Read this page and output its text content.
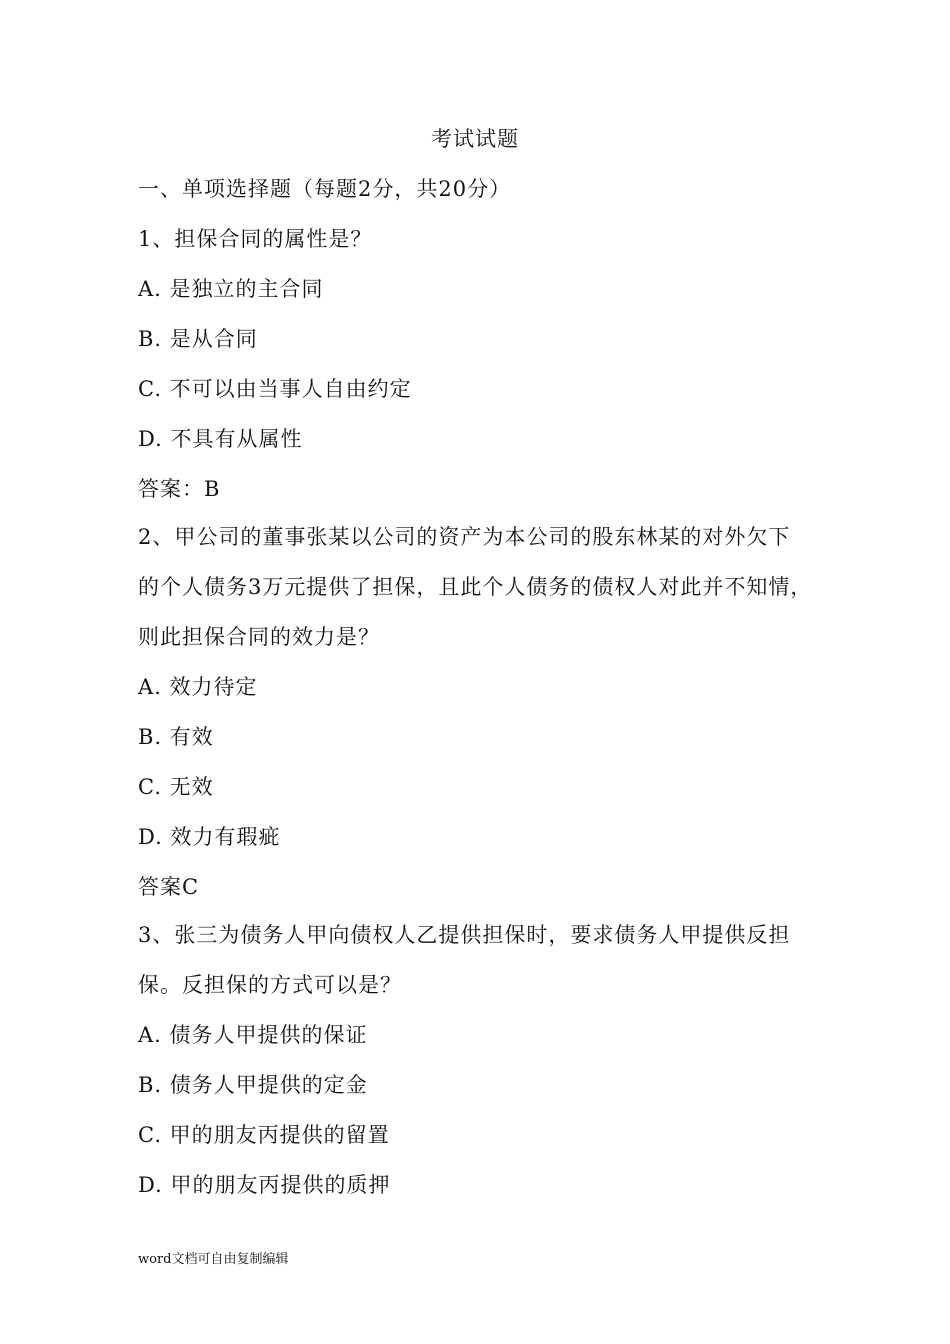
考试试题
一、单项选择题（每题2分，共20分）
1、担保合同的属性是？
A. 是独立的主合同
B. 是从合同
C. 不可以由当事人自由约定
D. 不具有从属性
答案：B
2、甲公司的董事张某以公司的资产为本公司的股东林某的对外欠下
的个人债务3万元提供了担保，且此个人债务的债权人对此并不知情，
则此担保合同的效力是？
A. 效力待定
B. 有效
C. 无效
D. 效力有瑕疵
答案C
3、张三为债务人甲向债权人乙提供担保时，要求债务人甲提供反担
保。反担保的方式可以是？
A. 债务人甲提供的保证
B. 债务人甲提供的定金
C. 甲的朋友丙提供的留置
D. 甲的朋友丙提供的质押
word文档可自由复制编辑
